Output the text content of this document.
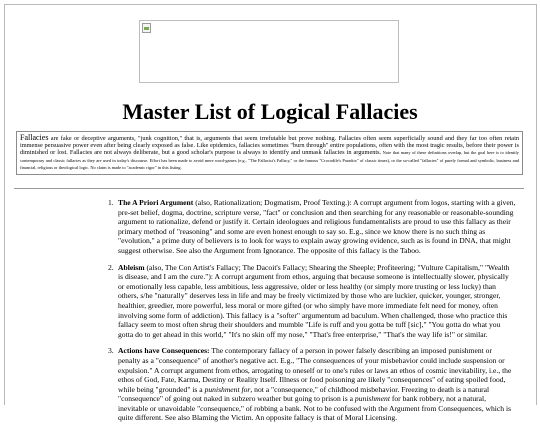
Master List of Logical Fallacies
Fallacies are fake or deceptive arguments, "junk cognition," that is, arguments that seem irrefutable but prove nothing. Fallacies often seem superficially sound and they far too often retain immense persuasive power even after being clearly exposed as false. Like epidemics, fallacies sometimes "burn through" entire populations, often with the most tragic results, before their power is diminished or lost. Fallacies are not always deliberate, but a good scholar's purpose is always to identify and unmask fallacies in arguments. Note that many of these definitions overlap, but the goal here is to identify contemporary and classic fallacies as they are used in today's discourse. Effort has been made to avoid mere word-games (e.g., "The Fallacist's Fallacy," or the famous "Crocodile's Paradox" of classic times), or the so-called "fallacies" of purely formal and symbolic, business and financial, religious or theological logic. No claim is made to "academic rigor" in this listing.
1. The A Priori Argument (also, Rationalization; Dogmatism, Proof Texting.): A corrupt argument from logos, starting with a given, pre-set belief, dogma, doctrine, scripture verse, "fact" or conclusion and then searching for any reasonable or reasonable-sounding argument to rationalize, defend or justify it. Certain ideologues and religious fundamentalists are proud to use this fallacy as their primary method of "reasoning" and some are even honest enough to say so. E.g., since we know there is no such thing as "evolution," a prime duty of believers is to look for ways to explain away growing evidence, such as is found in DNA, that might suggest otherwise. See also the Argument from Ignorance. The opposite of this fallacy is the Taboo.
2. Ableism (also, The Con Artist's Fallacy; The Dacoit's Fallacy; Shearing the Sheeple; Profiteering; "Vulture Capitalism," "Wealth is disease, and I am the cure."): A corrupt argument from ethos, arguing that because someone is intellectually slower, physically or emotionally less capable, less ambitious, less aggressive, older or less healthy (or simply more trusting or less lucky) than others, s/he "naturally" deserves less in life and may be freely victimized by those who are luckier, quicker, younger, stronger, healthier, greedier, more powerful, less moral or more gifted (or who simply have more immediate felt need for money, often involving some form of addiction). This fallacy is a "softer" argumentum ad baculum. When challenged, those who practice this fallacy seem to most often shrug their shoulders and mumble "Life is ruff and you gotta be tuff [sic]," "You gotta do what you gotta do to get ahead in this world," "It's no skin off my nose," "That's free enterprise," "That's the way life is!" or similar.
3. Actions have Consequences: The contemporary fallacy of a person in power falsely describing an imposed punishment or penalty as a "consequence" of another's negative act. E.g., "The consequences of your misbehavior could include suspension or expulsion." A corrupt argument from ethos, arrogating to oneself or to one's rules or laws an ethos of cosmic inevitability, i.e., the ethos of God, Fate, Karma, Destiny or Reality Itself. Illness or food poisoning are likely "consequences" of eating spoiled food, while being "grounded" is a punishment for, not a "consequence," of childhood misbehavior. Freezing to death is a natural "consequence" of going out naked in subzero weather but going to prison is a punishment for bank robbery, not a natural, inevitable or unavoidable "consequence," of robbing a bank. Not to be confused with the Argument from Consequences, which is quite different. See also Blaming the Victim. An opposite fallacy is that of Moral Licensing.
